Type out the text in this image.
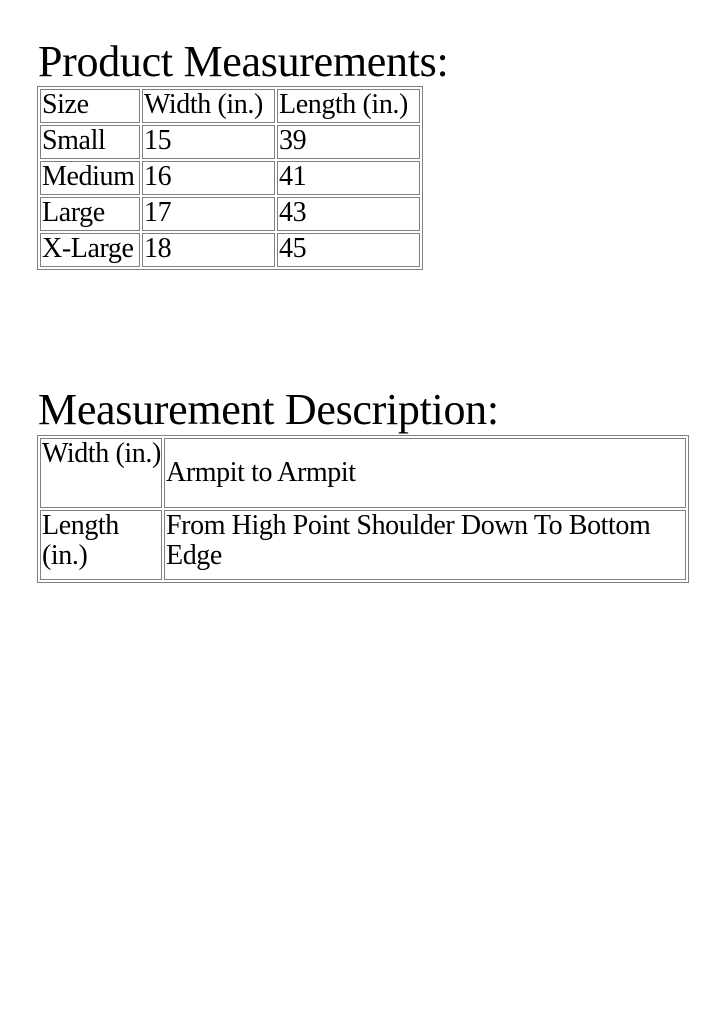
Product Measurements:
Size	Width (in.)	Length (in.)
Small	15	39
Medium	16	41
Large	17	43
X-Large	18	45
Measurement Description:
Width (in.)	Armpit to Armpit
Length (in.)	From High Point Shoulder Down To Bottom Edge
